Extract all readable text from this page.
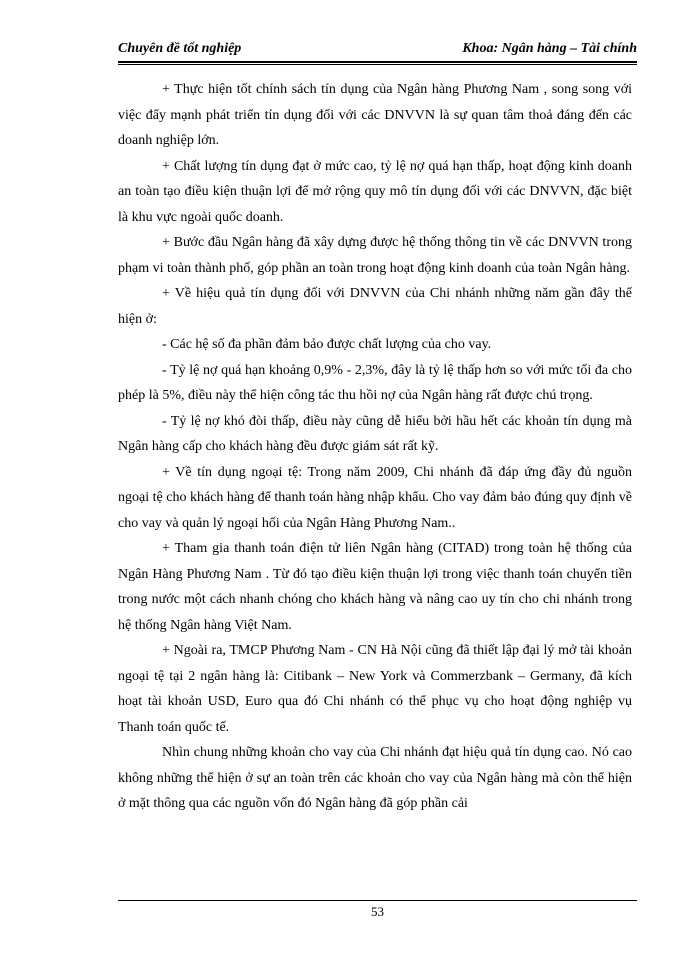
Chuyên đề tốt nghiệp	Khoa: Ngân hàng – Tài chính

+ Thực hiện tốt chính sách tín dụng của Ngân hàng Phương Nam , song song với việc đẩy mạnh phát triển tín dụng đối với các DNVVN là sự quan tâm thoả đáng đến các doanh nghiệp lớn.

+ Chất lượng tín dụng đạt ở mức cao, tỷ lệ nợ quá hạn thấp, hoạt động kinh doanh an toàn tạo điều kiện thuận lợi để mở rộng quy mô tín dụng đối với các DNVVN, đặc biệt là khu vực ngoài quốc doanh.

+ Bước đầu Ngân hàng đã xây dựng được hệ thống thông tin về các DNVVN trong phạm vi toàn thành phố, góp phần an toàn trong hoạt động kinh doanh của toàn Ngân hàng.

+ Về hiệu quả tín dụng đối với DNVVN của Chi nhánh những năm gần đây thể hiện ở:

- Các hệ số đa phần đảm bảo được chất lượng của cho vay.

- Tỷ lệ nợ quá hạn khoảng 0,9% - 2,3%, đây là tỷ lệ thấp hơn so với mức tối đa cho phép là 5%, điều này thể hiện công tác thu hồi nợ của Ngân hàng rất được chú trọng.

- Tỷ lệ nợ khó đòi thấp, điều này cũng dễ hiểu bởi hầu hết các khoản tín dụng mà Ngân hàng cấp cho khách hàng đều được giám sát rất kỹ.

+ Về tín dụng ngoại tệ: Trong năm 2009, Chi nhánh đã đáp ứng đầy đủ nguồn ngoại tệ cho khách hàng để thanh toán hàng nhập khẩu. Cho vay đảm bảo đúng quy định về cho vay và quản lý ngoại hối của Ngân Hàng Phương Nam..

+ Tham gia thanh toán điện tử liên Ngân hàng (CITAD) trong toàn hệ thống của Ngân Hàng Phương Nam . Từ đó tạo điều kiện thuận lợi trong việc thanh toán chuyển tiền trong nước một cách nhanh chóng cho khách hàng và nâng cao uy tín cho chi nhánh trong hệ thống Ngân hàng Việt Nam.

+ Ngoài ra, TMCP Phương Nam - CN Hà Nội cũng đã thiết lập đại lý mở tài khoản ngoại tệ tại 2 ngân hàng là: Citibank – New York và Commerzbank – Germany, đã kích hoạt tài khoản USD, Euro qua đó Chi nhánh có thể phục vụ cho hoạt động nghiệp vụ Thanh toán quốc tế.

Nhìn chung những khoản cho vay của Chi nhánh đạt hiệu quả tín dụng cao. Nó cao không những thể hiện ở sự an toàn trên các khoản cho vay của Ngân hàng mà còn thể hiện ở mặt thông qua các nguồn vốn đó Ngân hàng đã góp phần cải

53
